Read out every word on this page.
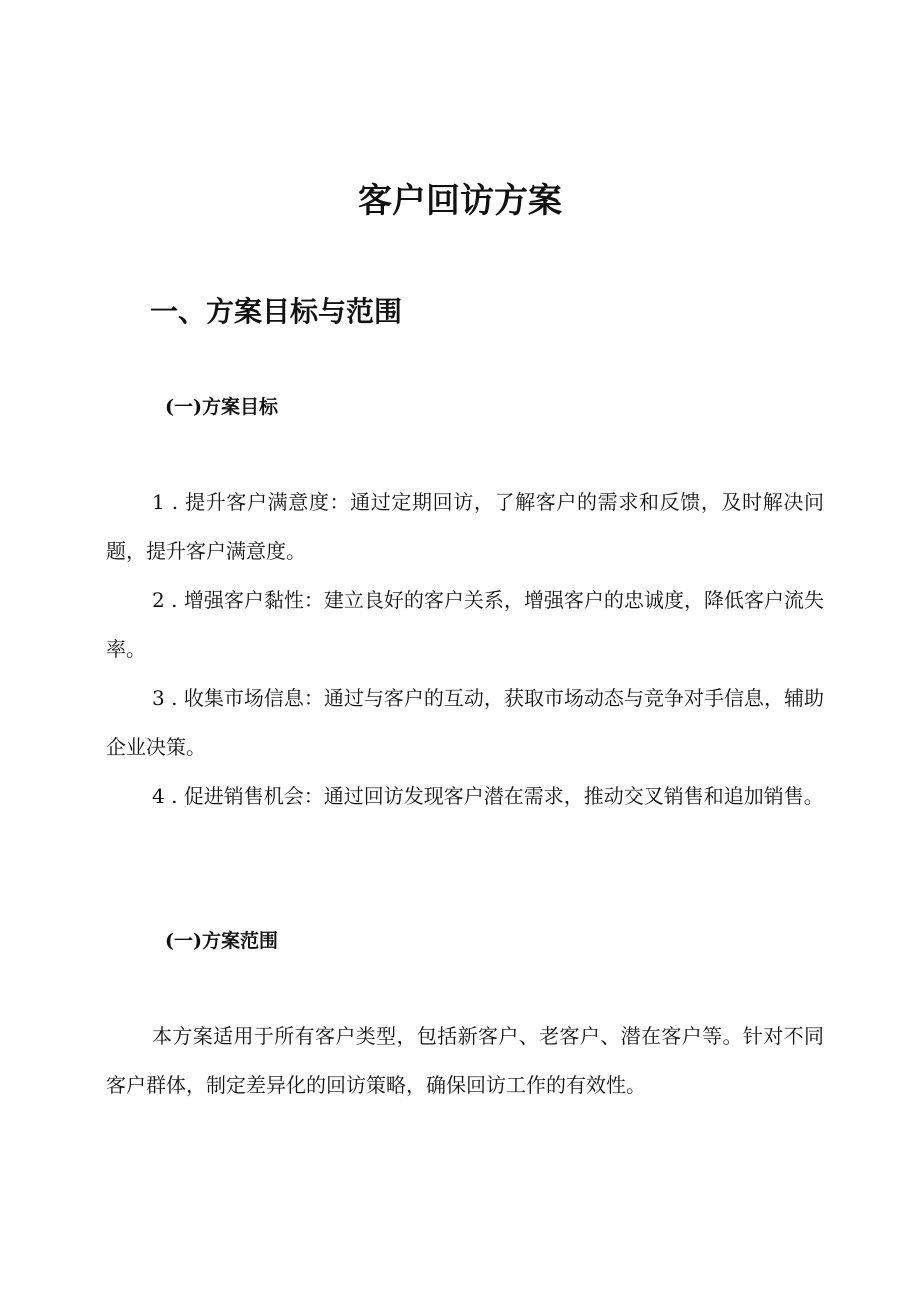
客户回访方案
一、方案目标与范围
(一)方案目标

1 . 提升客户满意度：通过定期回访，了解客户的需求和反馈，及时解决问题，提升客户满意度。

2 . 增强客户黏性：建立良好的客户关系，增强客户的忠诚度，降低客户流失率。

3 . 收集市场信息：通过与客户的互动，获取市场动态与竞争对手信息，辅助企业决策。

4 . 促进销售机会：通过回访发现客户潜在需求，推动交叉销售和追加销售。

(一)方案范围

本方案适用于所有客户类型，包括新客户、老客户、潜在客户等。针对不同客户群体，制定差异化的回访策略，确保回访工作的有效性。
